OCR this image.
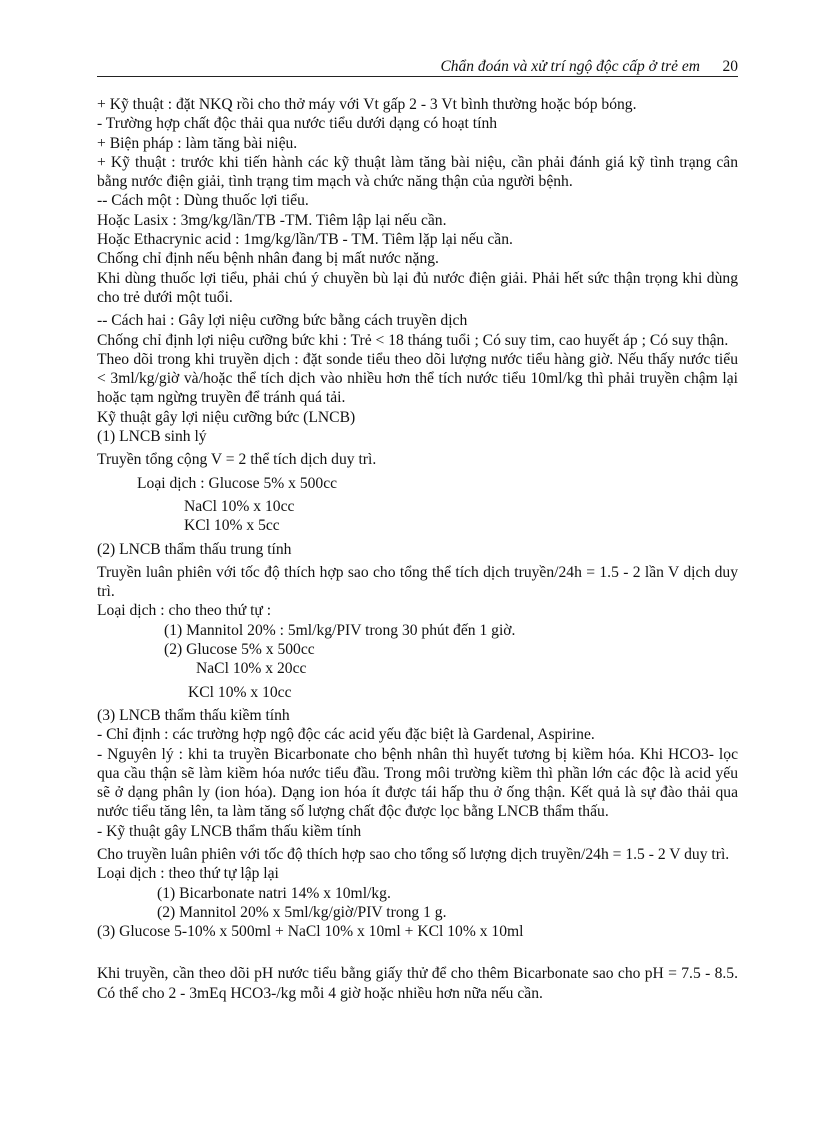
Chẩn đoán và xử trí ngộ độc cấp ở trẻ em 20

+ Kỹ thuật : đặt NKQ rồi cho thở máy với Vt gấp 2 - 3 Vt bình thường hoặc bóp bóng.

- Trường hợp chất độc thải qua nước tiểu dưới dạng có hoạt tính

+ Biện pháp : làm tăng bài niệu.

+ Kỹ thuật : trước khi tiến hành các kỹ thuật làm tăng bài niệu, cần phải đánh giá kỹ tình trạng cân bằng nước điện giải, tình trạng tim mạch và chức năng thận của người bệnh.

-- Cách một : Dùng thuốc lợi tiểu.

Hoặc Lasix : 3mg/kg/lần/TB -TM. Tiêm lập lại nếu cần.

Hoặc Ethacrynic acid : 1mg/kg/lần/TB - TM. Tiêm lặp lại nếu cần.

Chống chỉ định nếu bệnh nhân đang bị mất nước nặng.

Khi dùng thuốc lợi tiểu, phải chú ý chuyền bù lại đủ nước điện giải. Phải hết sức thận trọng khi dùng cho trẻ dưới một tuổi.

-- Cách hai : Gây lợi niệu cưỡng bức bằng cách truyền dịch

Chống chỉ định lợi niệu cưỡng bức khi : Trẻ < 18 tháng tuổi ; Có suy tim, cao huyết áp ; Có suy thận.

Theo dõi trong khi truyền dịch : đặt sonde tiểu theo dõi lượng nước tiểu hàng giờ. Nếu thấy nước tiểu < 3ml/kg/giờ và/hoặc thể tích dịch vào nhiều hơn thể tích nước tiểu 10ml/kg thì phải truyền chậm lại hoặc tạm ngừng truyền để tránh quá tải.

Kỹ thuật gây lợi niệu cưỡng bức (LNCB)

(1) LNCB sinh lý

Truyền tổng cộng V = 2 thể tích dịch duy trì.

Loại dịch : Glucose 5% x 500cc

NaCl 10% x 10cc

KCl 10% x 5cc

(2) LNCB thẩm thấu trung tính

Truyền luân phiên với tốc độ thích hợp sao cho tổng thể tích dịch truyền/24h = 1.5 - 2 lần V dịch duy trì.

Loại dịch : cho theo thứ tự :

(1) Mannitol 20% : 5ml/kg/PIV trong 30 phút đến 1 giờ.

(2) Glucose 5% x 500cc

NaCl 10% x 20cc

KCl 10% x 10cc

(3) LNCB thẩm thấu kiềm tính

- Chỉ định : các trường hợp ngộ độc các acid yếu đặc biệt là Gardenal, Aspirine.

- Nguyên lý : khi ta truyền Bicarbonate cho bệnh nhân thì huyết tương bị kiềm hóa. Khi HCO3- lọc qua cầu thận sẽ làm kiềm hóa nước tiểu đầu. Trong môi trường kiềm thì phần lớn các độc là acid yếu sẽ ở dạng phân ly (ion hóa). Dạng ion hóa ít được tái hấp thu ở ống thận. Kết quả là sự đào thải qua nước tiểu tăng lên, ta làm tăng số lượng chất độc được lọc bằng LNCB thẩm thấu.

- Kỹ thuật gây LNCB thẩm thấu kiềm tính

Cho truyền luân phiên với tốc độ thích hợp sao cho tổng số lượng dịch truyền/24h = 1.5 - 2 V duy trì.

Loại dịch : theo thứ tự lập lại

(1) Bicarbonate natri 14% x 10ml/kg.

(2) Mannitol 20% x 5ml/kg/giờ/PIV trong 1 g.

(3) Glucose 5-10% x 500ml + NaCl 10% x 10ml + KCl 10% x 10ml

Khi truyền, cần theo dõi pH nước tiểu bằng giấy thử để cho thêm Bicarbonate sao cho pH = 7.5 - 8.5. Có thể cho 2 - 3mEq HCO3-/kg mỗi 4 giờ hoặc nhiều hơn nữa nếu cần.
